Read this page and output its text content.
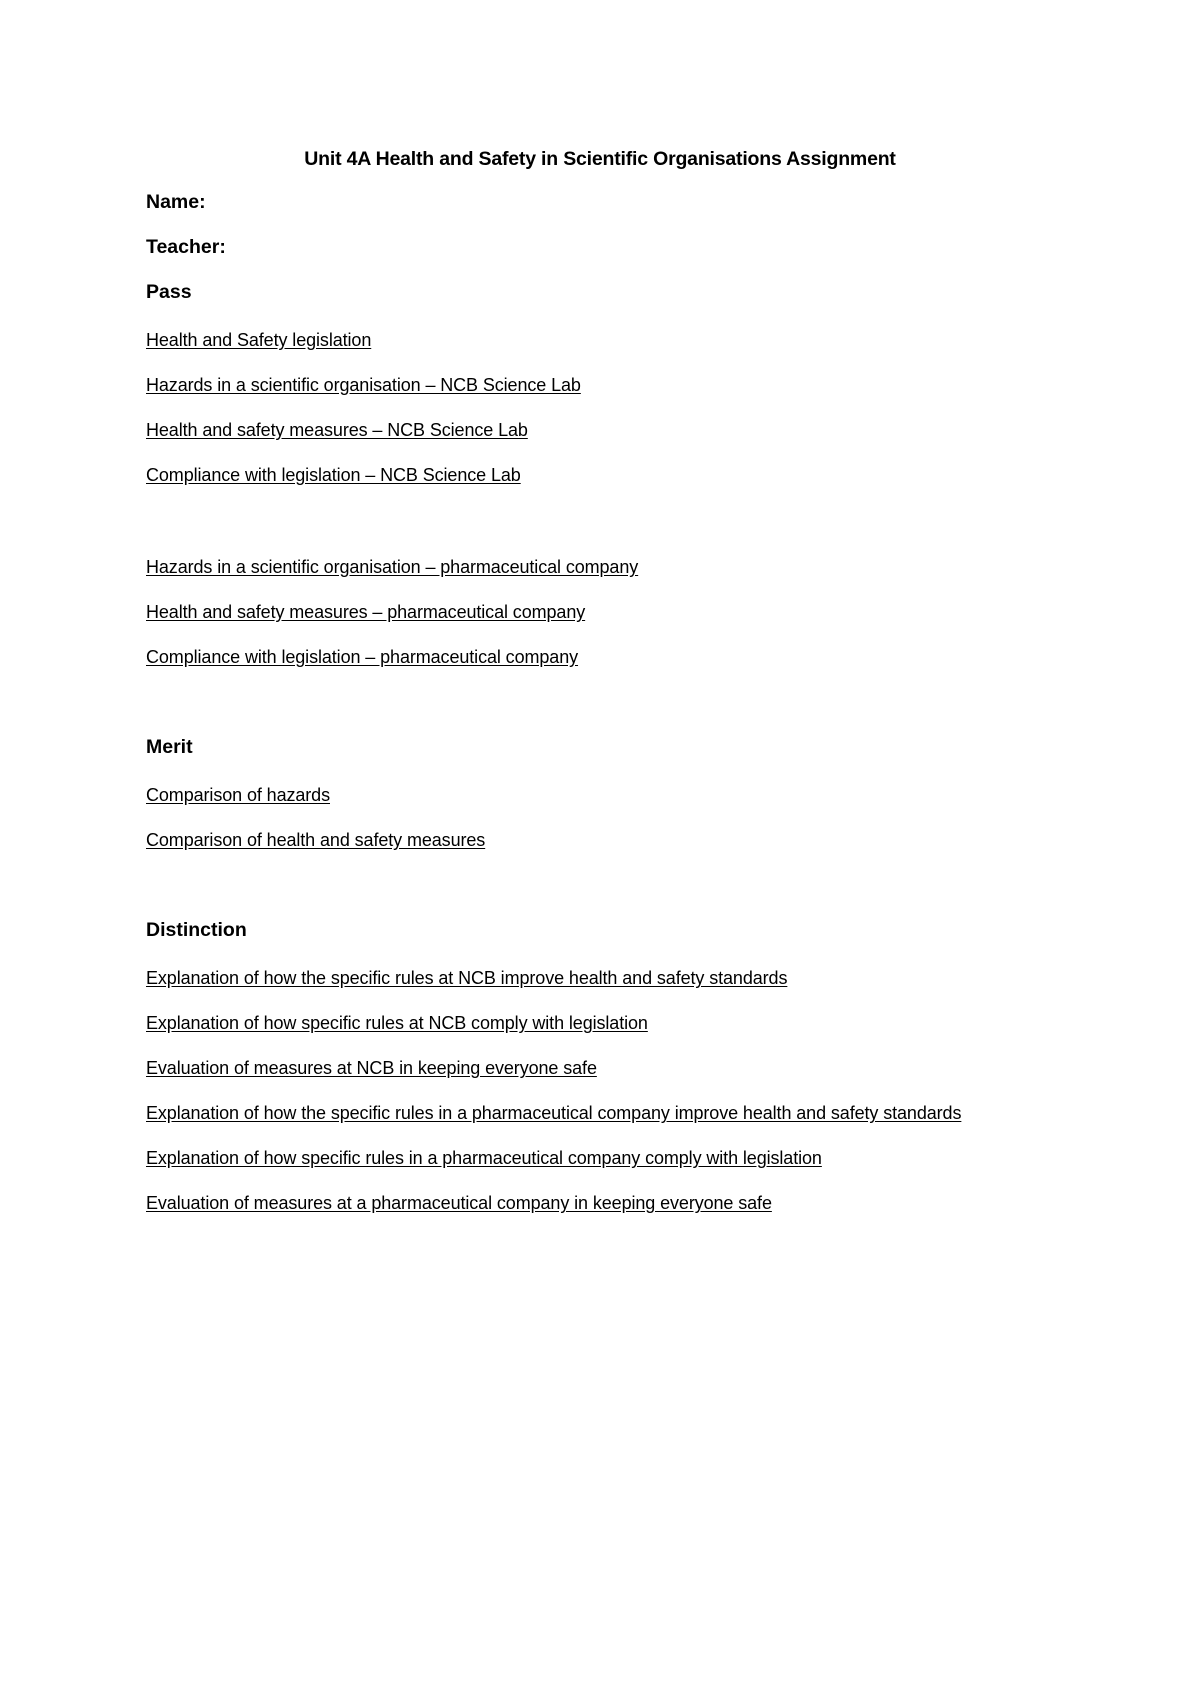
Unit 4A Health and Safety in Scientific Organisations Assignment
Name:
Teacher:
Pass
Health and Safety legislation
Hazards in a scientific organisation – NCB Science Lab
Health and safety measures – NCB Science Lab
Compliance with legislation – NCB Science Lab
Hazards in a scientific organisation – pharmaceutical company
Health and safety measures – pharmaceutical company
Compliance with legislation – pharmaceutical company
Merit
Comparison of hazards
Comparison of health and safety measures
Distinction
Explanation of how the specific rules at NCB improve health and safety standards
Explanation of how specific rules at NCB comply with legislation
Evaluation of measures at NCB in keeping everyone safe
Explanation of how the specific rules in a pharmaceutical company improve health and safety standards
Explanation of how specific rules in a pharmaceutical company comply with legislation
Evaluation of measures at a pharmaceutical company in keeping everyone safe
